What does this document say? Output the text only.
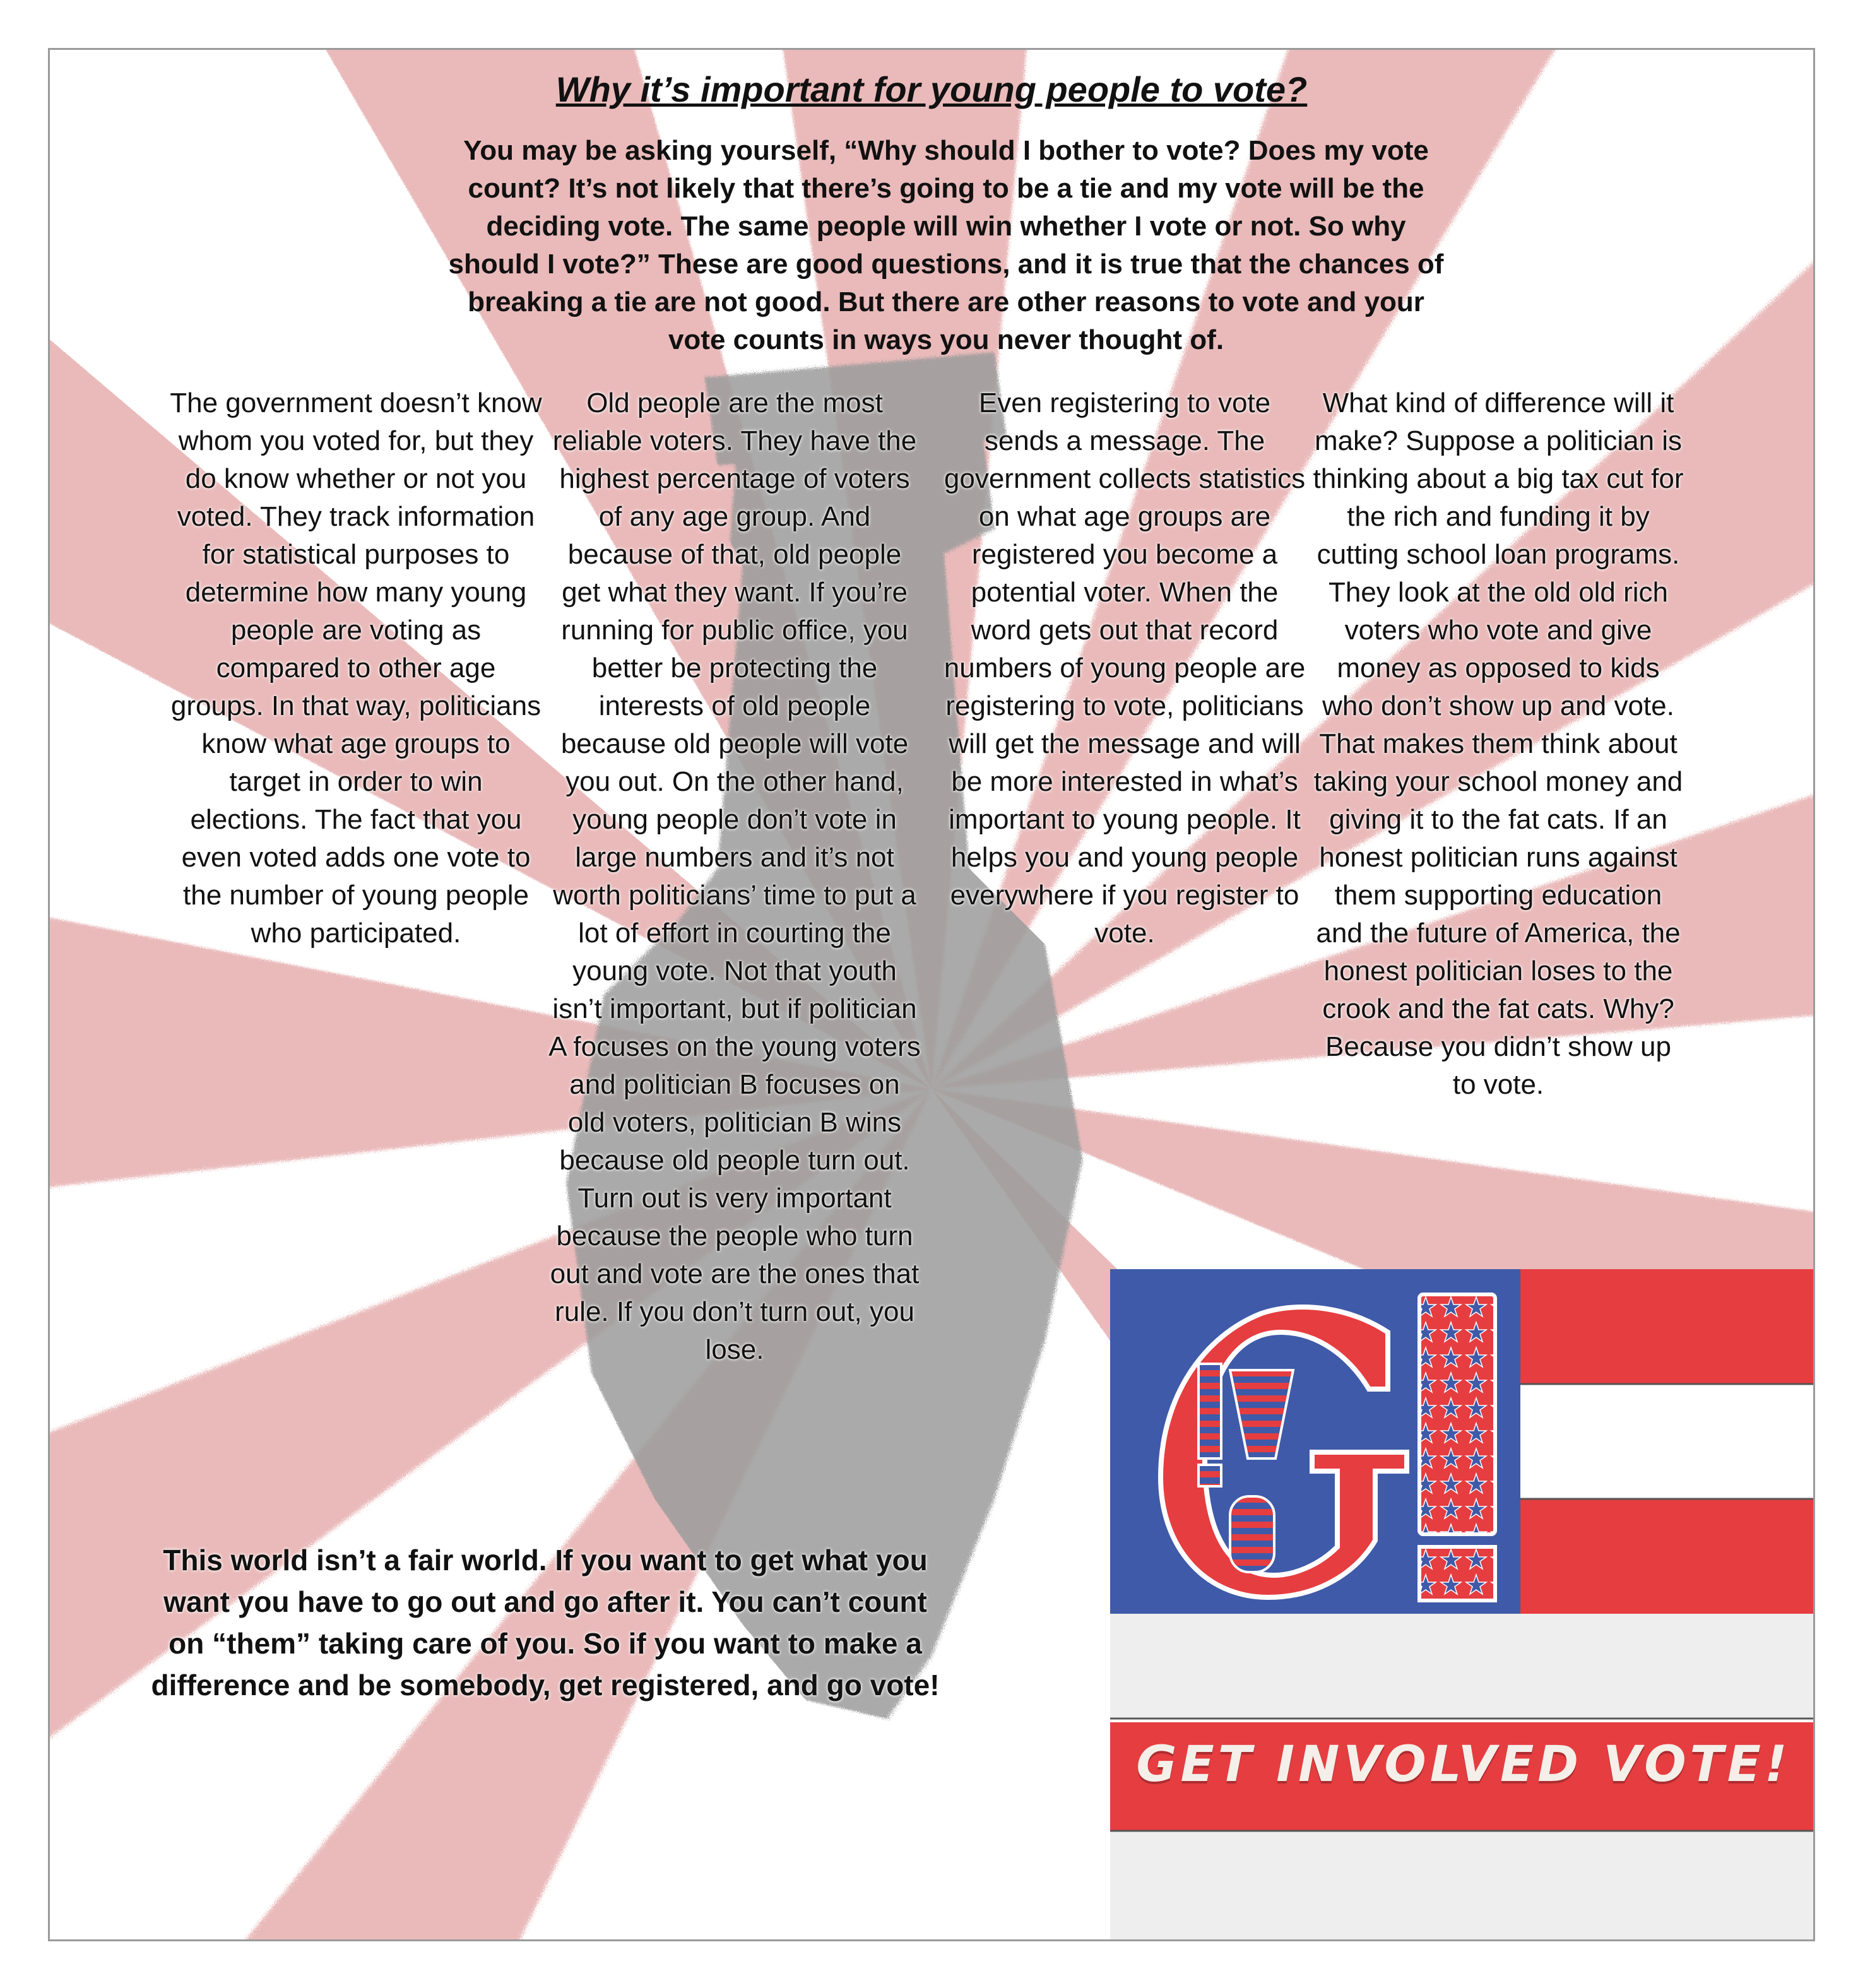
Why it’s important for young people to vote?
You may be asking yourself, “Why should I bother to vote? Does my vote count? It’s not likely that there’s going to be a tie and my vote will be the deciding vote. The same people will win whether I vote or not. So why should I vote?” These are good questions, and it is true that the chances of breaking a tie are not good. But there are other reasons to vote and your vote counts in ways you never thought of.
The government doesn’t know whom you voted for, but they do know whether or not you voted. They track information for statistical purposes to determine how many young people are voting as compared to other age groups. In that way, politicians know what age groups to target in order to win elections. The fact that you even voted adds one vote to the number of young people who participated.
Old people are the most reliable voters. They have the highest percentage of voters of any age group. And because of that, old people get what they want. If you’re running for public office, you better be protecting the interests of old people because old people will vote you out. On the other hand, young people don’t vote in large numbers and it’s not worth politicians’ time to put a lot of effort in courting the young vote. Not that youth isn’t important, but if politician A focuses on the young voters and politician B focuses on old voters, politician B wins because old people turn out. Turn out is very important because the people who turn out and vote are the ones that rule. If you don’t turn out, you lose.
Even registering to vote sends a message. The government collects statistics on what age groups are registered you become a potential voter. When the word gets out that record numbers of young people are registering to vote, politicians will get the message and will be more interested in what’s important to young people. It helps you and young people everywhere if you register to vote.
What kind of difference will it make? Suppose a politician is thinking about a big tax cut for the rich and funding it by cutting school loan programs. They look at the old old rich voters who vote and give money as opposed to kids who don’t show up and vote. That makes them think about taking your school money and giving it to the fat cats. If an honest politician runs against them supporting education and the future of America, the honest politician loses to the crook and the fat cats. Why? Because you didn’t show up to vote.
This world isn’t a fair world. If you want to get what you want you have to go out and go after it. You can’t count on “them” taking care of you. So if you want to make a difference and be somebody, get registered, and go vote!
GET INVOLVED VOTE!
